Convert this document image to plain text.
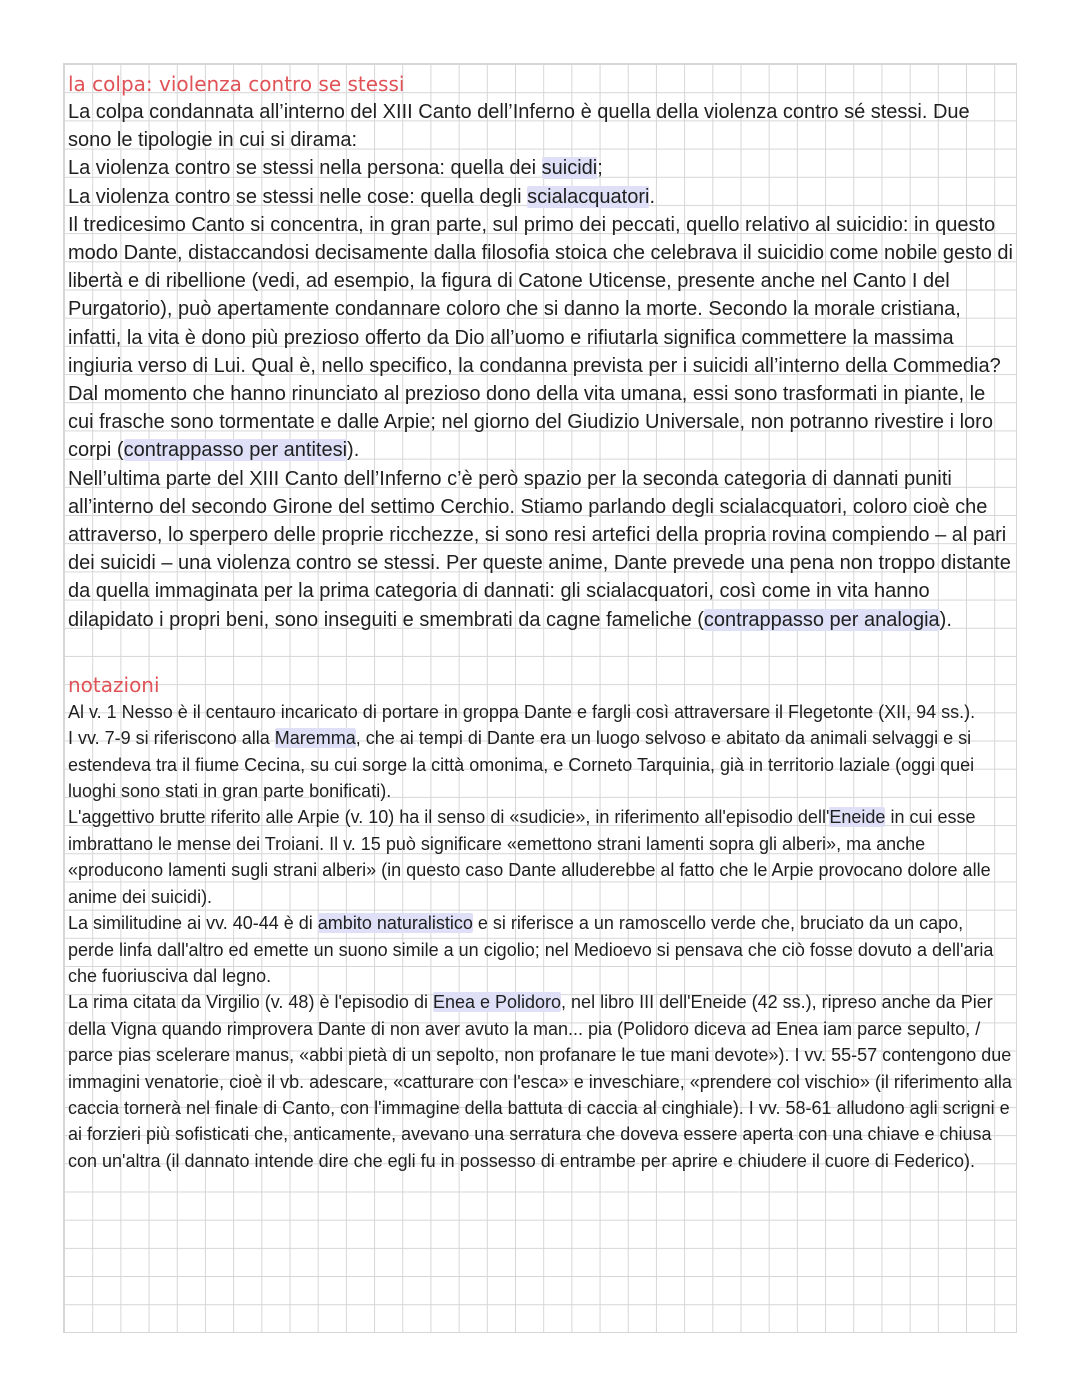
la colpa: violenza contro se stessi

La colpa condannata all’interno del XIII Canto dell’Inferno è quella della violenza contro sé stessi. Due sono le tipologie in cui si dirama:

La violenza contro se stessi nella persona: quella dei suicidi;

La violenza contro se stessi nelle cose: quella degli scialacquatori.

Il tredicesimo Canto si concentra, in gran parte, sul primo dei peccati, quello relativo al suicidio: in questo modo Dante, distaccandosi decisamente dalla filosofia stoica che celebrava il suicidio come nobile gesto di libertà e di ribellione (vedi, ad esempio, la figura di Catone Uticense, presente anche nel Canto I del Purgatorio), può apertamente condannare coloro che si danno la morte. Secondo la morale cristiana, infatti, la vita è dono più prezioso offerto da Dio all’uomo e rifiutarla significa commettere la massima ingiuria verso di Lui. Qual è, nello specifico, la condanna prevista per i suicidi all’interno della Commedia? Dal momento che hanno rinunciato al prezioso dono della vita umana, essi sono trasformati in piante, le cui frasche sono tormentate e dalle Arpie; nel giorno del Giudizio Universale, non potranno rivestire i loro corpi (contrappasso per antitesi).

Nell’ultima parte del XIII Canto dell’Inferno c’è però spazio per la seconda categoria di dannati puniti all’interno del secondo Girone del settimo Cerchio. Stiamo parlando degli scialacquatori, coloro cioè che attraverso, lo sperpero delle proprie ricchezze, si sono resi artefici della propria rovina compiendo – al pari dei suicidi – una violenza contro se stessi. Per queste anime, Dante prevede una pena non troppo distante da quella immaginata per la prima categoria di dannati: gli scialacquatori, così come in vita hanno dilapidato i propri beni, sono inseguiti e smembrati da cagne fameliche (contrappasso per analogia).

notazioni

Al v. 1 Nesso è il centauro incaricato di portare in groppa Dante e fargli così attraversare il Flegetonte (XII, 94 ss.).

I vv. 7-9 si riferiscono alla Maremma, che ai tempi di Dante era un luogo selvoso e abitato da animali selvaggi e si estendeva tra il fiume Cecina, su cui sorge la città omonima, e Corneto Tarquinia, già in territorio laziale (oggi quei luoghi sono stati in gran parte bonificati).

L'aggettivo brutte riferito alle Arpie (v. 10) ha il senso di «sudicie», in riferimento all'episodio dell'Eneide in cui esse imbrattano le mense dei Troiani. Il v. 15 può significare «emettono strani lamenti sopra gli alberi», ma anche «producono lamenti sugli strani alberi» (in questo caso Dante alluderebbe al fatto che le Arpie provocano dolore alle anime dei suicidi).

La similitudine ai vv. 40-44 è di ambito naturalistico e si riferisce a un ramoscello verde che, bruciato da un capo, perde linfa dall'altro ed emette un suono simile a un cigolio; nel Medioevo si pensava che ciò fosse dovuto a dell'aria che fuoriusciva dal legno.

La rima citata da Virgilio (v. 48) è l'episodio di Enea e Polidoro, nel libro III dell'Eneide (42 ss.), ripreso anche da Pier della Vigna quando rimprovera Dante di non aver avuto la man... pia (Polidoro diceva ad Enea iam parce sepulto, / parce pias scelerare manus, «abbi pietà di un sepolto, non profanare le tue mani devote»). I vv. 55-57 contengono due immagini venatorie, cioè il vb. adescare, «catturare con l'esca» e inveschiare, «prendere col vischio» (il riferimento alla caccia tornerà nel finale di Canto, con l'immagine della battuta di caccia al cinghiale). I vv. 58-61 alludono agli scrigni e ai forzieri più sofisticati che, anticamente, avevano una serratura che doveva essere aperta con una chiave e chiusa con un'altra (il dannato intende dire che egli fu in possesso di entrambe per aprire e chiudere il cuore di Federico).
